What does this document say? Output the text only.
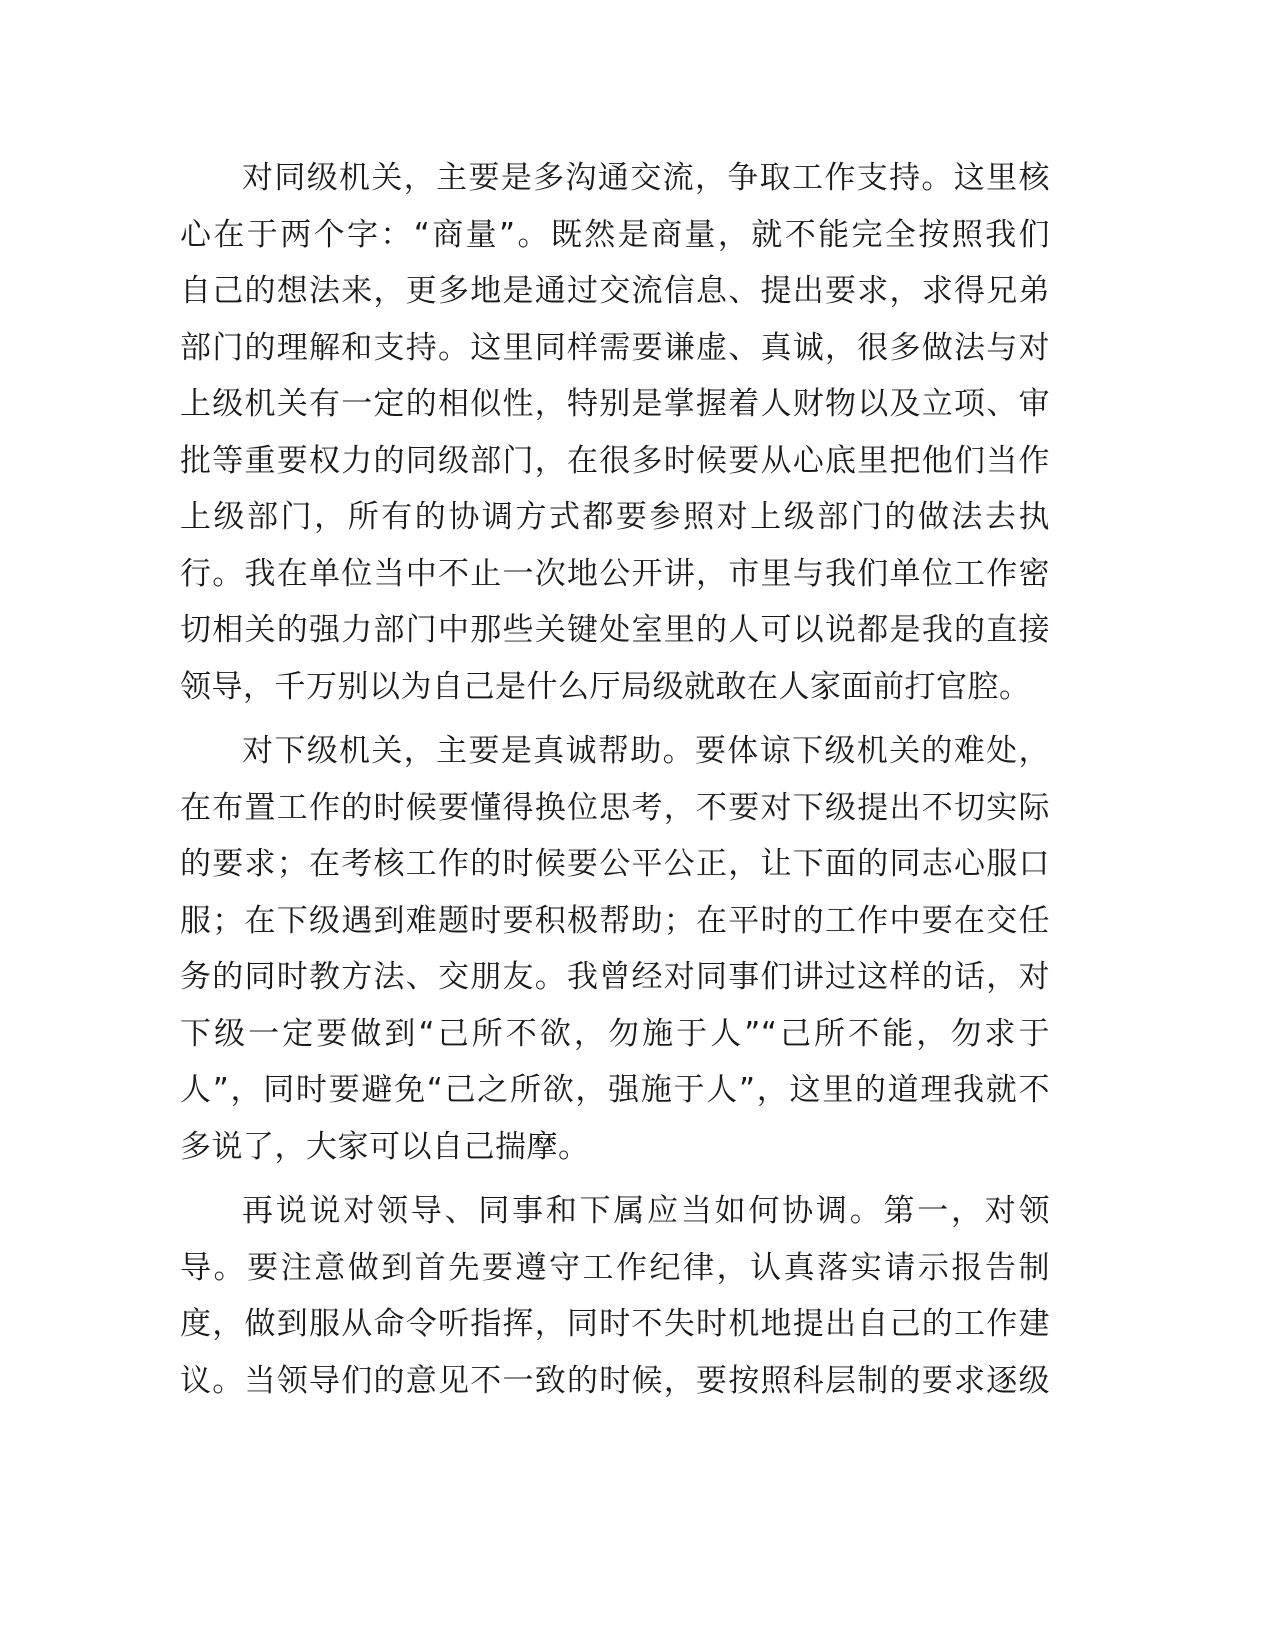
对同级机关，主要是多沟通交流，争取工作支持。这里核
心在于两个字：“商量”。既然是商量，就不能完全按照我们
自己的想法来，更多地是通过交流信息、提出要求，求得兄弟
部门的理解和支持。这里同样需要谦虚、真诚，很多做法与对
上级机关有一定的相似性，特别是掌握着人财物以及立项、审
批等重要权力的同级部门，在很多时候要从心底里把他们当作
上级部门，所有的协调方式都要参照对上级部门的做法去执
行。我在单位当中不止一次地公开讲，市里与我们单位工作密
切相关的强力部门中那些关键处室里的人可以说都是我的直接
领导，千万别以为自己是什么厅局级就敢在人家面前打官腔。
对下级机关，主要是真诚帮助。要体谅下级机关的难处，
在布置工作的时候要懂得换位思考，不要对下级提出不切实际
的要求；在考核工作的时候要公平公正，让下面的同志心服口
服；在下级遇到难题时要积极帮助；在平时的工作中要在交任
务的同时教方法、交朋友。我曾经对同事们讲过这样的话，对
下级一定要做到“己所不欲，勿施于人”“己所不能，勿求于
人”，同时要避免“己之所欲，强施于人”，这里的道理我就不
多说了，大家可以自己揣摩。
再说说对领导、同事和下属应当如何协调。第一，对领
导。要注意做到首先要遵守工作纪律，认真落实请示报告制
度，做到服从命令听指挥，同时不失时机地提出自己的工作建
议。当领导们的意见不一致的时候，要按照科层制的要求逐级
